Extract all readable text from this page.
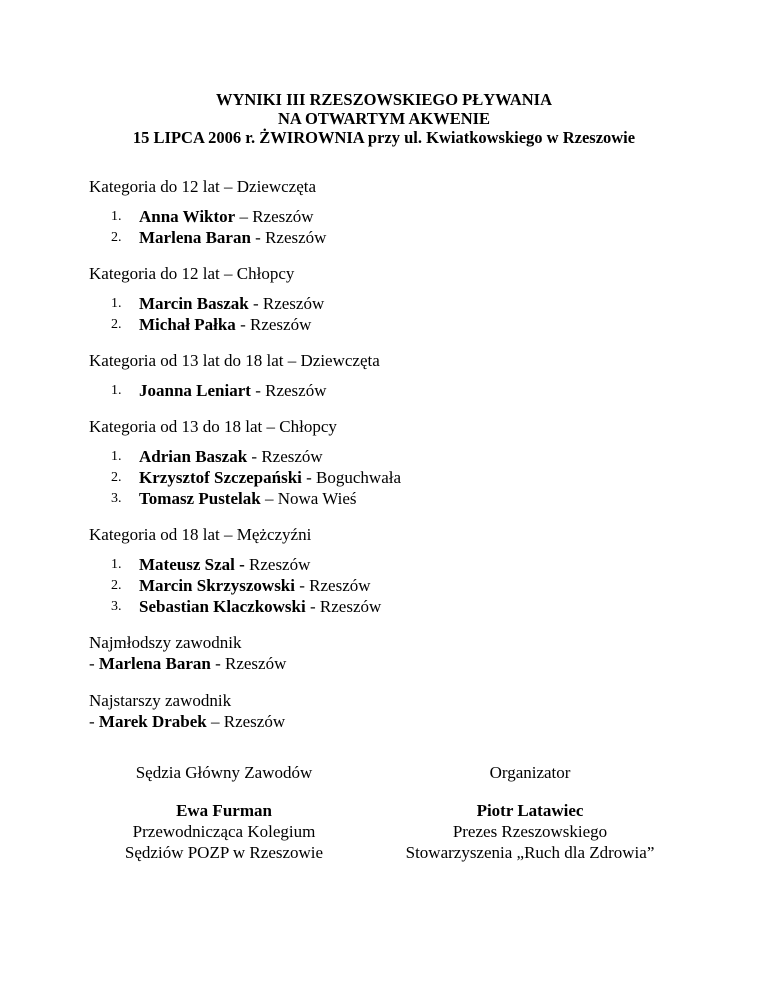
WYNIKI III RZESZOWSKIEGO PŁYWANIA
NA OTWARTYM AKWENIE
15 LIPCA 2006 r. ŻWIROWNIA przy ul. Kwiatkowskiego w Rzeszowie

Kategoria do 12 lat – Dziewczęta

1. Anna Wiktor – Rzeszów
2. Marlena Baran - Rzeszów

Kategoria do 12 lat – Chłopcy

1. Marcin Baszak - Rzeszów
2. Michał Pałka - Rzeszów

Kategoria od 13 lat do 18 lat – Dziewczęta

1. Joanna Leniart - Rzeszów

Kategoria od 13 do 18 lat – Chłopcy

1. Adrian Baszak - Rzeszów
2. Krzysztof Szczepański - Boguchwała
3. Tomasz Pustelak – Nowa Wieś

Kategoria od 18 lat – Mężczyźni

1. Mateusz Szal - Rzeszów
2. Marcin Skrzyszowski - Rzeszów
3. Sebastian Klaczkowski - Rzeszów
Najmłodszy zawodnik
- Marlena Baran - Rzeszów
Najstarszy zawodnik
- Marek Drabek – Rzeszów
Sędzia Główny Zawodów
Ewa Furman
Przewodnicząca Kolegium
Sędziów POZP w Rzeszowie
Organizator
Piotr Latawiec
Prezes Rzeszowskiego
Stowarzyszenia „Ruch dla Zdrowia”
